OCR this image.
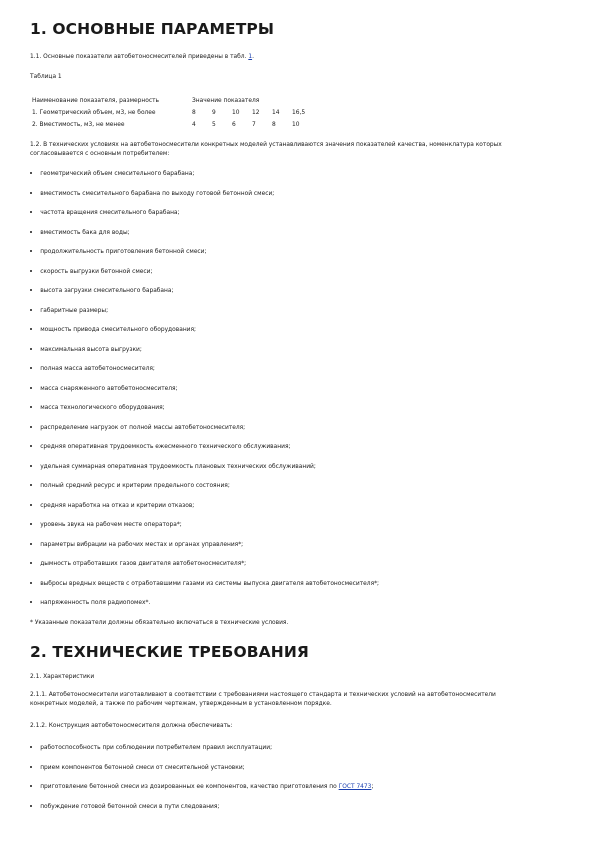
1. ОСНОВНЫЕ ПАРАМЕТРЫ
1.1. Основные показатели автобетоносмесителей приведены в табл. 1.
Таблица 1
Наименование показателя, размерность	Значение показателя					
1. Геометрический объем, м3, не более	8	9	10	12	14	16,5
2. Вместимость, м3, не менее	4	5	6	7	8	10
1.2. В технических условиях на автобетоносмесители конкретных моделей устанавливаются значения показателей качества, номенклатура которых согласовывается с основным потребителем:
геометрический объем смесительного барабана;
вместимость смесительного барабана по выходу готовой бетонной смеси;
частота вращения смесительного барабана;
вместимость бака для воды;
продолжительность приготовления бетонной смеси;
скорость выгрузки бетонной смеси;
высота загрузки смесительного барабана;
габаритные размеры;
мощность привода смесительного оборудования;
максимальная высота выгрузки;
полная масса автобетоносмесителя;
масса снаряженного автобетоносмесителя;
масса технологического оборудования;
распределение нагрузок от полной массы автобетоносмесителя;
средняя оперативная трудоемкость ежесменного технического обслуживания;
удельная суммарная оперативная трудоемкость плановых технических обслуживаний;
полный средний ресурс и критерии предельного состояния;
средняя наработка на отказ и критерии отказов;
уровень звука на рабочем месте оператора*;
параметры вибрации на рабочих местах и органах управления*;
дымность отработавших газов двигателя автобетоносмесителя*;
выбросы вредных веществ с отработавшими газами из системы выпуска двигателя автобетоносмесителя*;
напряженность поля радиопомех*.
* Указанные показатели должны обязательно включаться в технические условия.
2. ТЕХНИЧЕСКИЕ ТРЕБОВАНИЯ
2.1. Характеристики
2.1.1. Автобетоносмесители изготавливают в соответствии с требованиями настоящего стандарта и технических условий на автобетоносмесители конкретных моделей, а также по рабочим чертежам, утвержденным в установленном порядке.
2.1.2. Конструкция автобетоносмесителя должна обеспечивать:
работоспособность при соблюдении потребителем правил эксплуатации;
прием компонентов бетонной смеси от смесительной установки;
приготовление бетонной смеси из дозированных ее компонентов, качество приготовления по ГОСТ 7473;
побуждение готовой бетонной смеси в пути следования;
